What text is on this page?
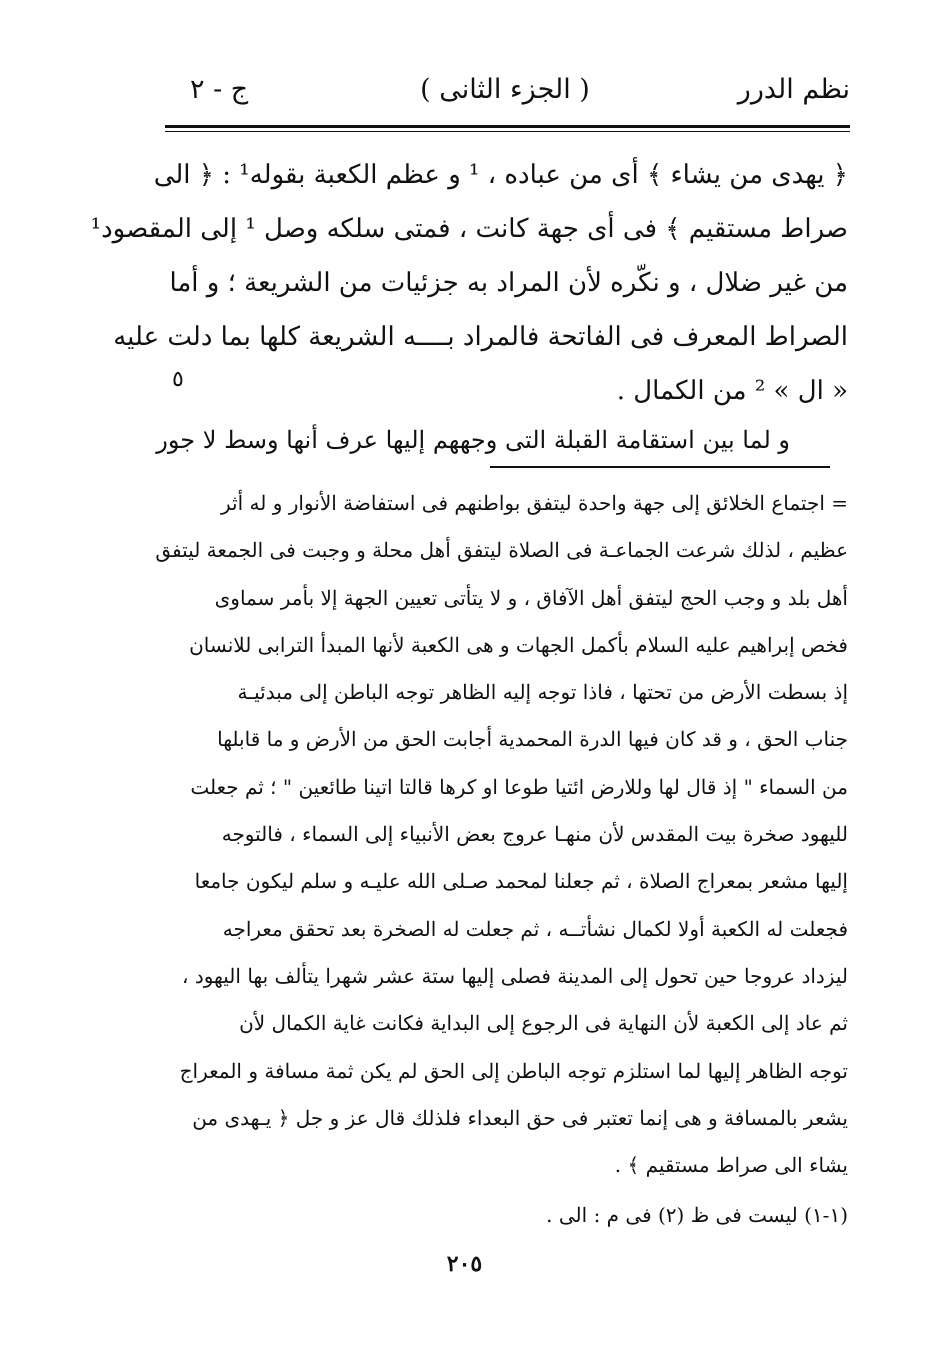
نظم الدرر
( الجزء الثانى )
ج - ٢
﴿ يهدى من يشاء ﴾ أى من عباده ، ¹ و عظم الكعبة بقوله¹ : ﴿ الى
صراط مستقيم ﴾ فى أى جهة كانت ، فمتى سلكه وصل ¹ إلى المقصود¹
من غير ضلال ، و نكّره لأن المراد به جزئيات من الشريعة ؛ و أما
الصراط المعرف فى الفاتحة فالمراد بــــه الشريعة كلها بما دلت عليه
« ال » ² من الكمال .
٥
و لما بين استقامة القبلة التى وجههم إليها عرف أنها وسط لا جور
= اجتماع الخلائق إلى جهة واحدة ليتفق بواطنهم فى استفاضة الأنوار و له أثر
عظيم ، لذلك شرعت الجماعـة فى الصلاة ليتفق أهل محلة و وجبت فى الجمعة ليتفق
أهل بلد و وجب الحج ليتفق أهل الآفاق ، و لا يتأتى تعيين الجهة إلا بأمر سماوى
فخص إبراهيم عليه السلام بأكمل الجهات و هى الكعبة لأنها المبدأ الترابى للانسان
إذ بسطت الأرض من تحتها ، فاذا توجه إليه الظاهر توجه الباطن إلى مبدئيـة
جناب الحق ، و قد كان فيها الدرة المحمدية أجابت الحق من الأرض و ما قابلها
من السماء " إذ قال لها وللارض ائتيا طوعا او كرها قالتا اتينا طائعين " ؛ ثم جعلت
لليهود صخرة بيت المقدس لأن منهـا عروج بعض الأنبياء إلى السماء ، فالتوجه
إليها مشعر بمعراج الصلاة ، ثم جعلنا لمحمد صـلى الله عليـه و سلم ليكون جامعا
فجعلت له الكعبة أولا لكمال نشأتــه ، ثم جعلت له الصخرة بعد تحقق معراجه
ليزداد عروجا حين تحول إلى المدينة فصلى إليها ستة عشر شهرا يتألف بها اليهود ،
ثم عاد إلى الكعبة لأن النهاية فى الرجوع إلى البداية فكانت غاية الكمال لأن
توجه الظاهر إليها لما استلزم توجه الباطن إلى الحق لم يكن ثمة مسافة و المعراج
يشعر بالمسافة و هى إنما تعتبر فى حق البعداء فلذلك قال عز و جل ﴿ يـهدى من
يشاء الى صراط مستقيم ﴾ .
(١-١) ليست فى ظ (٢) فى م : الى .
٢٠٥
